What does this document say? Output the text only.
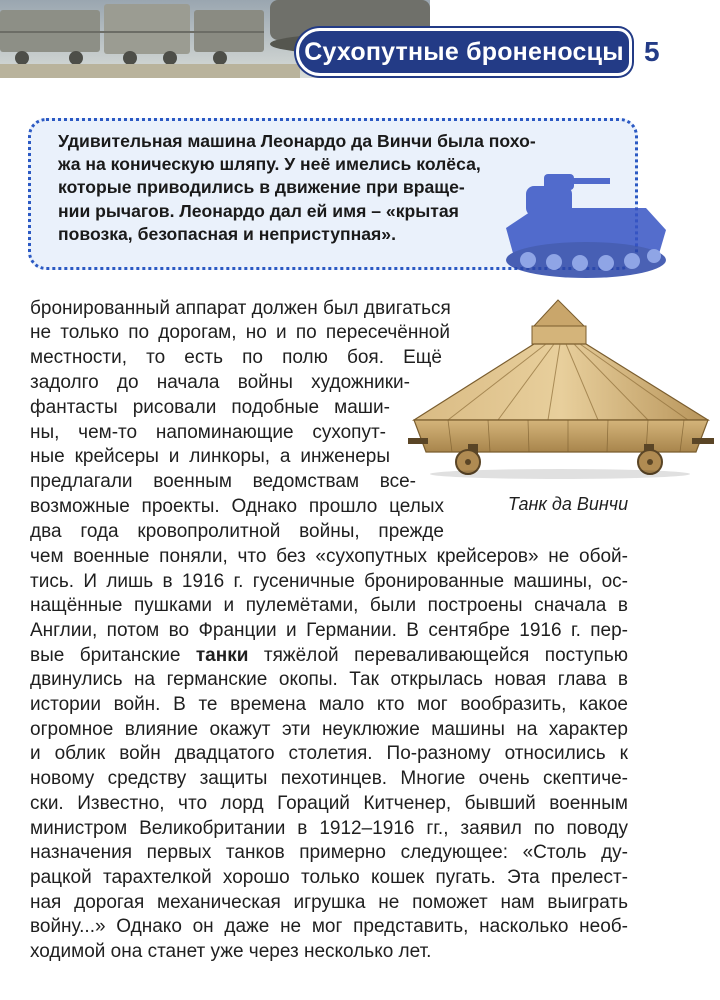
Сухопутные броненосцы 5
Удивительная машина Леонардо да Винчи была похо-
жа на коническую шляпу. У неё имелись колёса,
которые приводились в движение при враще-
нии рычагов. Леонардо дал ей имя – «крытая
повозка, безопасная и неприступная».
Танк да Винчи
бронированный аппарат должен был двигаться
не только по дорогам, но и по пересечённой
местности, то есть по полю боя. Ещё
задолго до начала войны художники-
фантасты рисовали подобные маши-
ны, чем-то напоминающие сухопут-
ные крейсеры и линкоры, а инженеры
предлагали военным ведомствам все-
возможные проекты. Однако прошло целых
два года кровопролитной войны, прежде
чем военные поняли, что без «сухопутных крейсеров» не обой-
тись. И лишь в 1916 г. гусеничные бронированные машины, ос-
нащённые пушками и пулемётами, были построены сначала в
Англии, потом во Франции и Германии. В сентябре 1916 г. пер-
вые британские танки тяжёлой переваливающейся поступью
двинулись на германские окопы. Так открылась новая глава в
истории войн. В те времена мало кто мог вообразить, какое
огромное влияние окажут эти неуклюжие машины на характер
и облик войн двадцатого столетия. По-разному относились к
новому средству защиты пехотинцев. Многие очень скептиче-
ски. Известно, что лорд Гораций Китченер, бывший военным
министром Великобритании в 1912–1916 гг., заявил по поводу
назначения первых танков примерно следующее: «Столь ду-
рацкой тарахтелкой хорошо только кошек пугать. Эта прелест-
ная дорогая механическая игрушка не поможет нам выиграть
войну...» Однако он даже не мог представить, насколько необ-
ходимой она станет уже через несколько лет.
